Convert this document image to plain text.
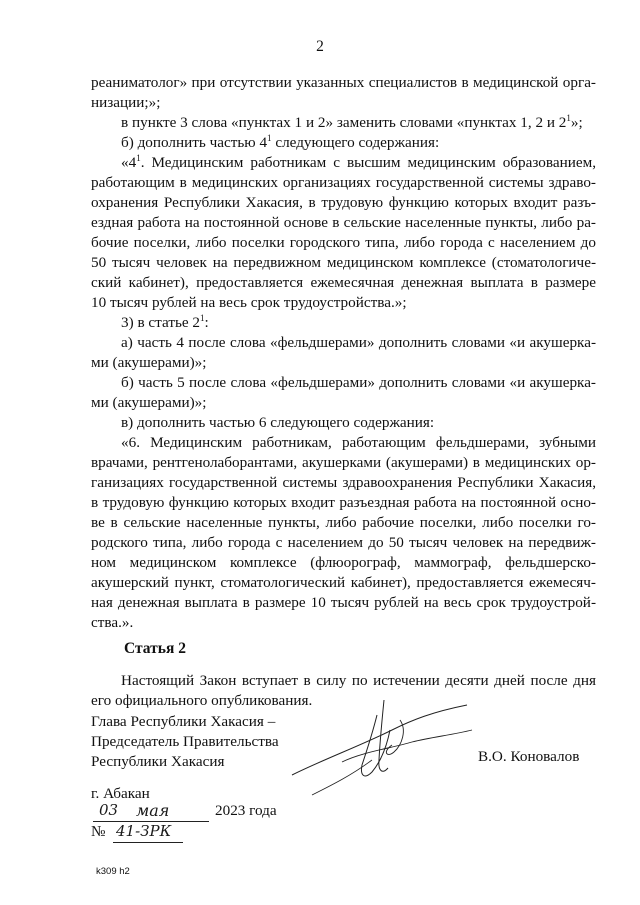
2
реаниматолог» при отсутствии указанных специалистов в медицинской орга-
низации;»;
в пункте 3 слова «пунктах 1 и 2» заменить словами «пунктах 1, 2 и $2^1$»;
б) дополнить частью $4^1$ следующего содержания:
«$4^1$. Медицинским работникам с высшим медицинским образованием,
работающим в медицинских организациях государственной системы здраво-
охранения Республики Хакасия, в трудовую функцию которых входит разъ-
ездная работа на постоянной основе в сельские населенные пункты, либо ра-
бочие поселки, либо поселки городского типа, либо города с населением до
50 тысяч человек на передвижном медицинском комплексе (стоматологиче-
ский кабинет), предоставляется ежемесячная денежная выплата в размере
10 тысяч рублей на весь срок трудоустройства.»;
3) в статье $2^1$:
а) часть 4 после слова «фельдшерами» дополнить словами «и акушерка-
ми (акушерами)»;
б) часть 5 после слова «фельдшерами» дополнить словами «и акушерка-
ми (акушерами)»;
в) дополнить частью 6 следующего содержания:
«6. Медицинским работникам, работающим фельдшерами, зубными
врачами, рентгенолаборантами, акушерками (акушерами) в медицинских ор-
ганизациях государственной системы здравоохранения Республики Хакасия,
в трудовую функцию которых входит разъездная работа на постоянной осно-
ве в сельские населенные пункты, либо рабочие поселки, либо поселки го-
родского типа, либо города с населением до 50 тысяч человек на передвиж-
ном медицинском комплексе (флюорограф, маммограф, фельдшерско-
акушерский пункт, стоматологический кабинет), предоставляется ежемесяч-
ная денежная выплата в размере 10 тысяч рублей на весь срок трудоустрой-
ства.».
Статья 2
Настоящий Закон вступает в силу по истечении десяти дней после дня
его официального опубликования.
Глава Республики Хакасия –
Председатель Правительства
Республики Хакасия	В.О. Коновалов
г. Абакан
03 мая	2023 года
№ 41-ЗРК
k309 h2
